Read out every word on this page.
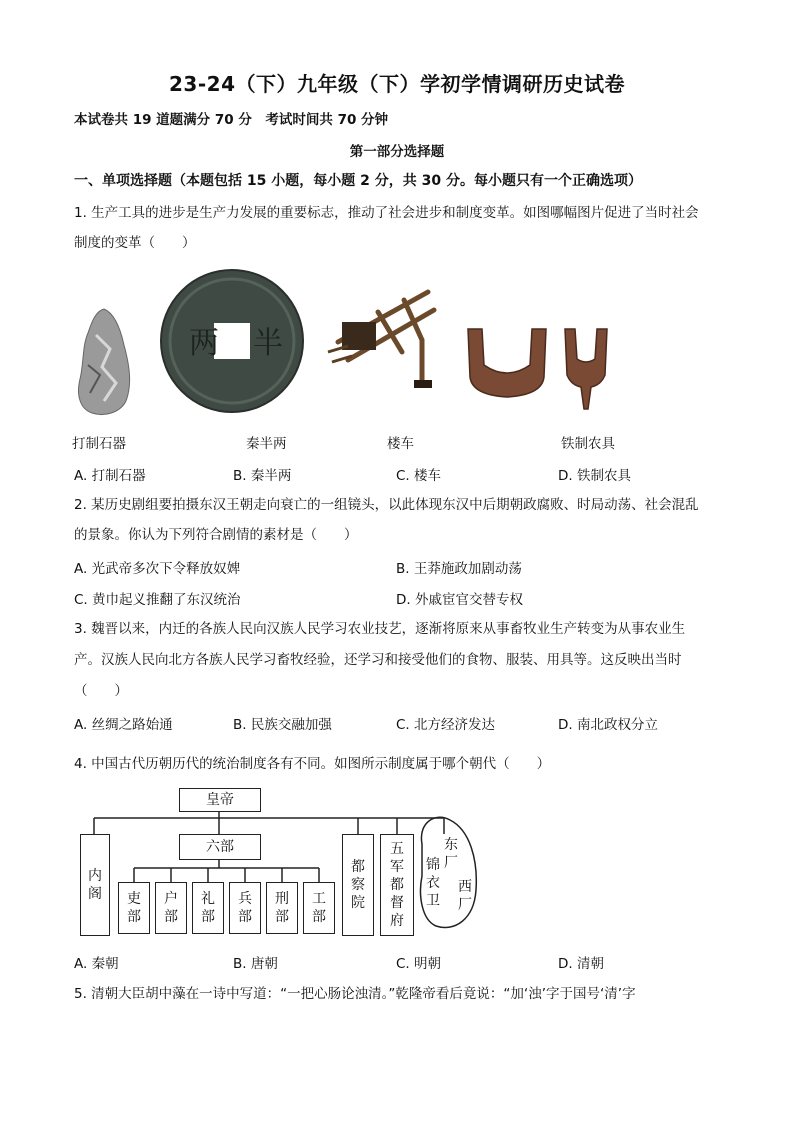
23-24（下）九年级（下）学初学情调研历史试卷
本试卷共 19 道题满分 70 分　考试时间共 70 分钟
第一部分选择题
一、单项选择题（本题包括 15 小题，每小题 2 分，共 30 分。每小题只有一个正确选项）
1. 生产工具的进步是生产力发展的重要标志，推动了社会进步和制度变革。如图哪幅图片促进了当时社会
制度的变革（　　）
两 半
打制石器	秦半两	楼车	铁制农具
A. 打制石器	B. 秦半两	C. 楼车	D. 铁制农具
2. 某历史剧组要拍摄东汉王朝走向衰亡的一组镜头，以此体现东汉中后期朝政腐败、时局动荡、社会混乱
的景象。你认为下列符合剧情的素材是（　　）
A. 光武帝多次下令释放奴婢	B. 王莽施政加剧动荡
C. 黄巾起义推翻了东汉统治	D. 外戚宦官交替专权
3. 魏晋以来，内迁的各族人民向汉族人民学习农业技艺，逐渐将原来从事畜牧业生产转变为从事农业生
产。汉族人民向北方各族人民学习畜牧经验，还学习和接受他们的食物、服装、用具等。这反映出当时
（　　）
A. 丝绸之路始通	B. 民族交融加强	C. 北方经济发达	D. 南北政权分立
4. 中国古代历朝历代的统治制度各有不同。如图所示制度属于哪个朝代（　　）
皇帝
六部
内阁 吏部
户部
礼部
兵部
刑部
工部
都察院
五军都督府
锦衣卫
东厂
西厂
A. 秦朝	B. 唐朝	C. 明朝	D. 清朝
5. 清朝大臣胡中藻在一诗中写道：“一把心肠论浊清。”乾隆帝看后竟说：“加‘浊’字于国号‘清’字
